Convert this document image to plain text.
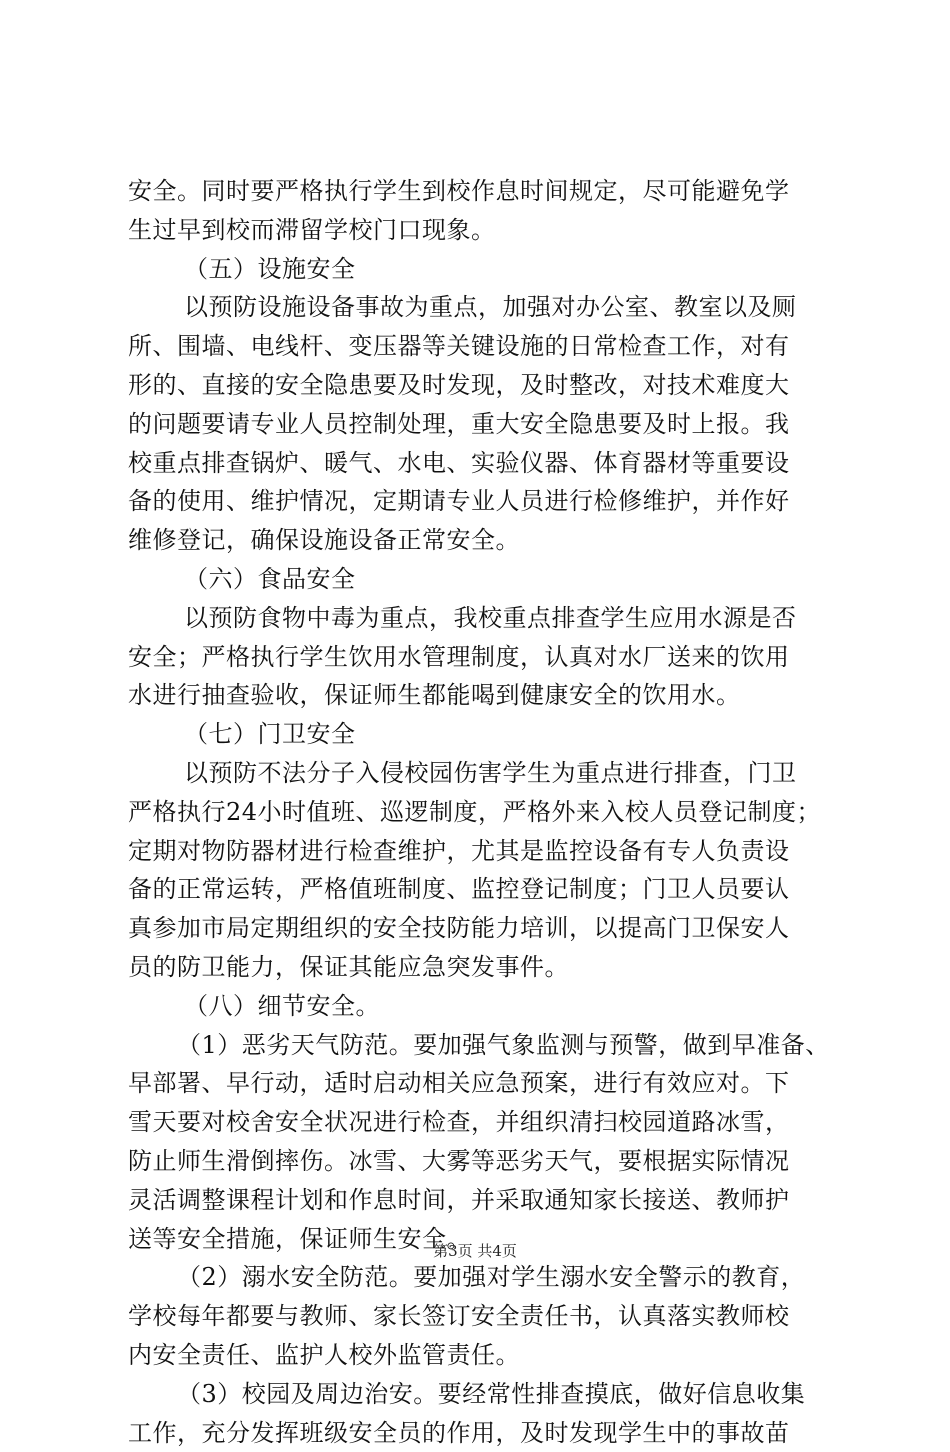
安全。同时要严格执行学生到校作息时间规定，尽可能避免学
生过早到校而滞留学校门口现象。
（五）设施安全
以预防设施设备事故为重点，加强对办公室、教室以及厕
所、围墙、电线杆、变压器等关键设施的日常检查工作，对有
形的、直接的安全隐患要及时发现，及时整改，对技术难度大
的问题要请专业人员控制处理，重大安全隐患要及时上报。我
校重点排查锅炉、暖气、水电、实验仪器、体育器材等重要设
备的使用、维护情况，定期请专业人员进行检修维护，并作好
维修登记，确保设施设备正常安全。
（六）食品安全
以预防食物中毒为重点，我校重点排查学生应用水源是否
安全；严格执行学生饮用水管理制度，认真对水厂送来的饮用
水进行抽查验收，保证师生都能喝到健康安全的饮用水。
（七）门卫安全
以预防不法分子入侵校园伤害学生为重点进行排查，门卫
严格执行24小时值班、巡逻制度，严格外来入校人员登记制度；
定期对物防器材进行检查维护，尤其是监控设备有专人负责设
备的正常运转，严格值班制度、监控登记制度；门卫人员要认
真参加市局定期组织的安全技防能力培训，以提高门卫保安人
员的防卫能力，保证其能应急突发事件。
（八）细节安全。
（1）恶劣天气防范。要加强气象监测与预警，做到早准备、
早部署、早行动，适时启动相关应急预案，进行有效应对。下
雪天要对校舍安全状况进行检查，并组织清扫校园道路冰雪，
防止师生滑倒摔伤。冰雪、大雾等恶劣天气，要根据实际情况
灵活调整课程计划和作息时间，并采取通知家长接送、教师护
送等安全措施，保证师生安全。
（2）溺水安全防范。要加强对学生溺水安全警示的教育，
学校每年都要与教师、家长签订安全责任书，认真落实教师校
内安全责任、监护人校外监管责任。
（3）校园及周边治安。要经常性排查摸底，做好信息收集
工作，充分发挥班级安全员的作用，及时发现学生中的事故苗
第3页 共4页
